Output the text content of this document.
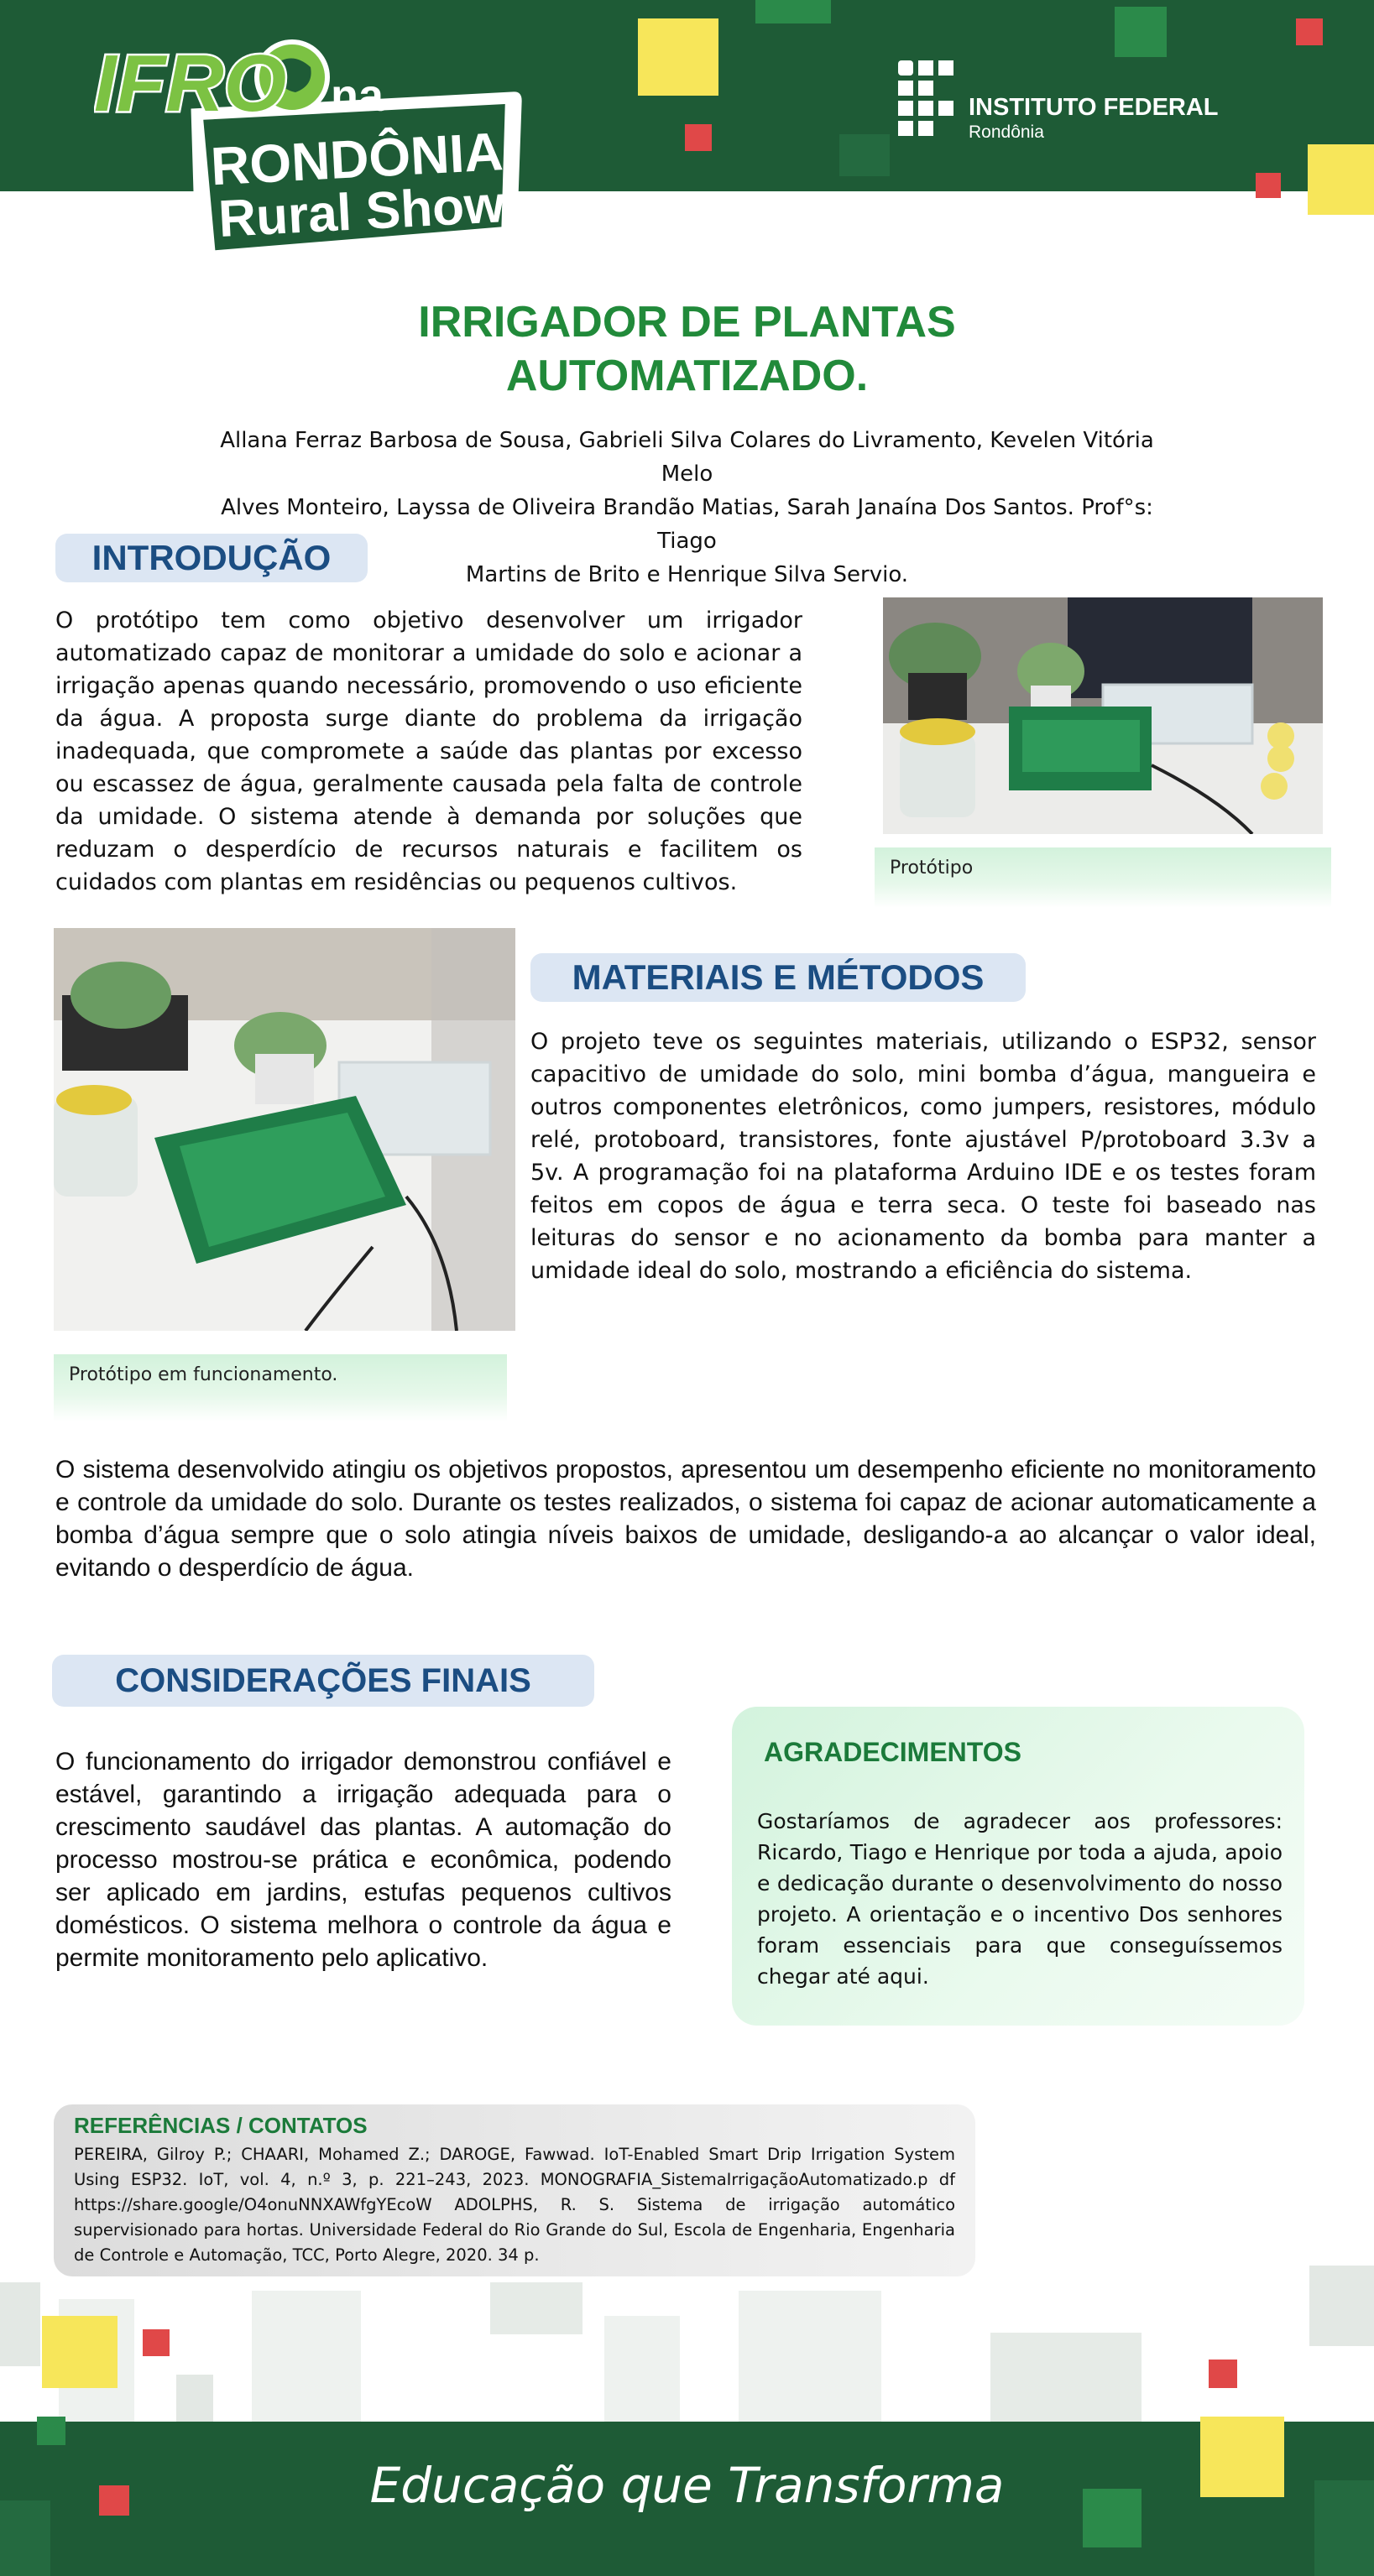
IFRO na
RONDÔNIA
Rural Show
INSTITUTO FEDERAL
Rondônia
IRRIGADOR DE PLANTAS
AUTOMATIZADO.
Allana Ferraz Barbosa de Sousa, Gabrieli Silva Colares do Livramento, Kevelen Vitória Melo
Alves Monteiro, Layssa de Oliveira Brandão Matias, Sarah Janaína Dos Santos. Prof°s: Tiago
Martins de Brito e Henrique Silva Servio.
INTRODUÇÃO
O protótipo tem como objetivo desenvolver um irrigador automatizado capaz de monitorar a umidade do solo e acionar a irrigação apenas quando necessário, promovendo o uso eficiente da água. A proposta surge diante do problema da irrigação inadequada, que compromete a saúde das plantas por excesso ou escassez de água, geralmente causada pela falta de controle da umidade. O sistema atende à demanda por soluções que reduzam o desperdício de recursos naturais e facilitem os cuidados com plantas em residências ou pequenos cultivos.
Protótipo
Protótipo em funcionamento.
MATERIAIS E MÉTODOS
O projeto teve os seguintes materiais, utilizando o ESP32, sensor capacitivo de umidade do solo, mini bomba d’água, mangueira e outros componentes eletrônicos, como jumpers, resistores, módulo relé, protoboard, transistores, fonte ajustável P/protoboard 3.3v a 5v. A programação foi na plataforma Arduino IDE e os testes foram feitos em copos de água e terra seca. O teste foi baseado nas leituras do sensor e no acionamento da bomba para manter a umidade ideal do solo, mostrando a eficiência do sistema.
O sistema desenvolvido atingiu os objetivos propostos, apresentou um desempenho eficiente no monitoramento e controle da umidade do solo. Durante os testes realizados, o sistema foi capaz de acionar automaticamente a bomba d’água sempre que o solo atingia níveis baixos de umidade, desligando-a ao alcançar o valor ideal, evitando o desperdício de água.
CONSIDERAÇÕES FINAIS
O funcionamento do irrigador demonstrou confiável e estável, garantindo a irrigação adequada para o crescimento saudável das plantas. A automação do processo mostrou-se prática e econômica, podendo ser aplicado em jardins, estufas pequenos cultivos domésticos. O sistema melhora o controle da água e permite monitoramento pelo aplicativo.
AGRADECIMENTOS
Gostaríamos de agradecer aos professores: Ricardo, Tiago e Henrique por toda a ajuda, apoio e dedicação durante o desenvolvimento do nosso projeto. A orientação e o incentivo Dos senhores foram essenciais para que conseguíssemos chegar até aqui.
REFERÊNCIAS / CONTATOS
PEREIRA, Gilroy P.; CHAARI, Mohamed Z.; DAROGE, Fawwad. IoT-Enabled Smart Drip Irrigation System Using ESP32. IoT, vol. 4, n.º 3, p. 221–243, 2023. MONOGRAFIA_SistemaIrrigaçãoAutomatizado.p df https://share.google/O4onuNNXAWfgYEcoW ADOLPHS, R. S. Sistema de irrigação automático supervisionado para hortas. Universidade Federal do Rio Grande do Sul, Escola de Engenharia, Engenharia de Controle e Automação, TCC, Porto Alegre, 2020. 34 p.
Educação que Transforma
